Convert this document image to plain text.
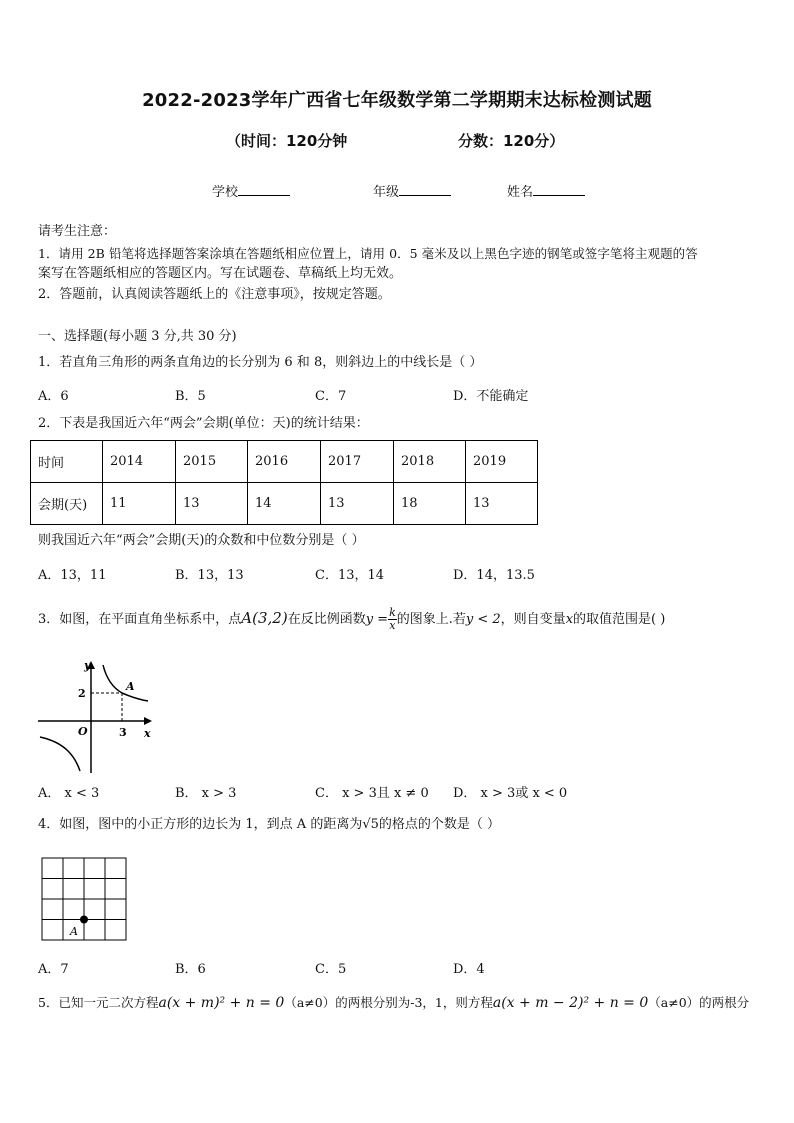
2022-2023学年广西省七年级数学第二学期期末达标检测试题
（时间：120分钟	分数：120分）
学校	年级	姓名
请考生注意：
1．请用 2B 铅笔将选择题答案涂填在答题纸相应位置上，请用 0．5 毫米及以上黑色字迹的钢笔或签字笔将主观题的答
案写在答题纸相应的答题区内。写在试题卷、草稿纸上均无效。
2．答题前，认真阅读答题纸上的《注意事项》，按规定答题。
一、选择题(每小题 3 分,共 30 分)
1．若直角三角形的两条直角边的长分别为 6 和 8，则斜边上的中线长是（ ）
A．6	B．5	C．7	D．不能确定
2．下表是我国近六年“两会”会期(单位：天)的统计结果：
时间	2014	2015	2016	2017	2018	2019
会期(天)	11	13	14	13	18	13
则我国近六年“两会”会期(天)的众数和中位数分别是（ ）
A．13，11	B．13，13	C．13，14	D．14，13.5
3．如图，在平面直角坐标系中，点A(3,2)在反比例函数$y = \frac{k}{x}$ 的图象上.若y < 2，则自变量x的取值范围是( )
y
x
O
A
3
2
A． x < 3	B． x > 3	C． x > 3且 x ≠ 0 D． x > 3或 x < 0
4．如图，图中的小正方形的边长为 1，到点 A 的距离为√5的格点的个数是（ ）
A
A．7	B．6	C．5	D．4
5．已知一元二次方程a(x + m)² + n = 0（a≠0）的两根分别为-3，1，则方程a(x + m − 2)² + n = 0（a≠0）的两根分
